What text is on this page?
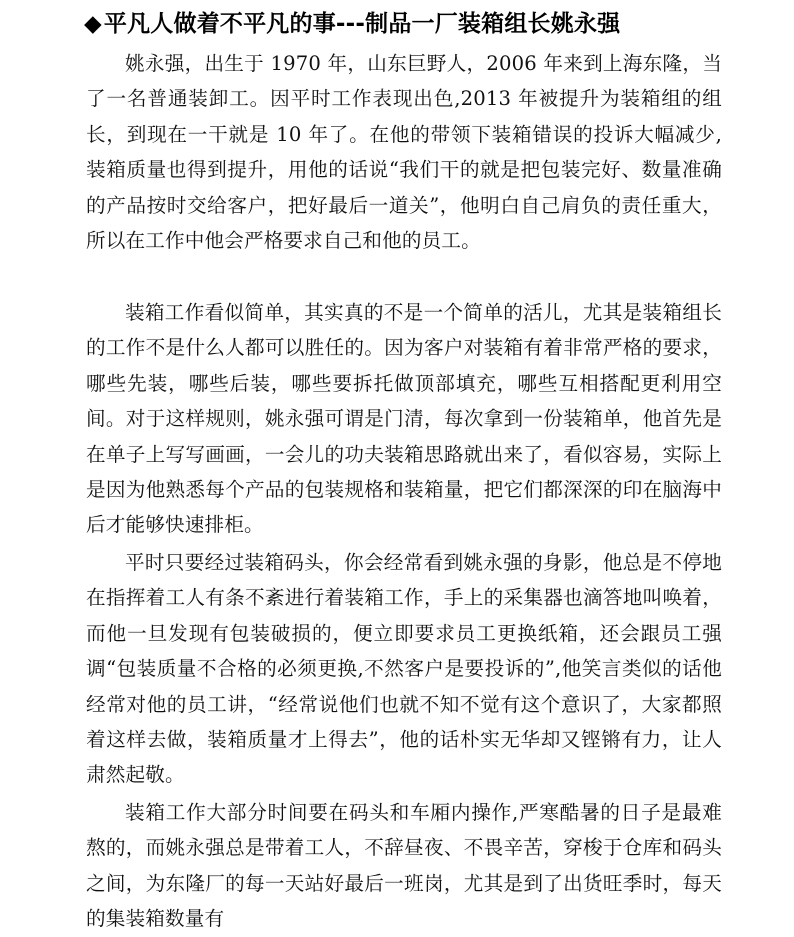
◆平凡人做着不平凡的事---制品一厂装箱组长姚永强

姚永强，出生于 1970 年，山东巨野人，2006 年来到上海东隆，当了一名普通装卸工。因平时工作表现出色,2013 年被提升为装箱组的组长，到现在一干就是 10 年了。在他的带领下装箱错误的投诉大幅减少,装箱质量也得到提升，用他的话说“我们干的就是把包装完好、数量准确的产品按时交给客户，把好最后一道关”，他明白自己肩负的责任重大，所以在工作中他会严格要求自己和他的员工。

装箱工作看似简单，其实真的不是一个简单的活儿，尤其是装箱组长的工作不是什么人都可以胜任的。因为客户对装箱有着非常严格的要求，哪些先装，哪些后装，哪些要拆托做顶部填充，哪些互相搭配更利用空间。对于这样规则，姚永强可谓是门清，每次拿到一份装箱单，他首先是在单子上写写画画，一会儿的功夫装箱思路就出来了，看似容易，实际上是因为他熟悉每个产品的包装规格和装箱量，把它们都深深的印在脑海中后才能够快速排柜。

平时只要经过装箱码头，你会经常看到姚永强的身影，他总是不停地在指挥着工人有条不紊进行着装箱工作，手上的采集器也滴答地叫唤着，而他一旦发现有包装破损的，便立即要求员工更换纸箱，还会跟员工强调“包装质量不合格的必须更换,不然客户是要投诉的”,他笑言类似的话他经常对他的员工讲，“经常说他们也就不知不觉有这个意识了，大家都照着这样去做，装箱质量才上得去”，他的话朴实无华却又铿锵有力，让人肃然起敬。

装箱工作大部分时间要在码头和车厢内操作,严寒酷暑的日子是最难熬的，而姚永强总是带着工人，不辞昼夜、不畏辛苦，穿梭于仓库和码头之间，为东隆厂的每一天站好最后一班岗，尤其是到了出货旺季时，每天的集装箱数量有
